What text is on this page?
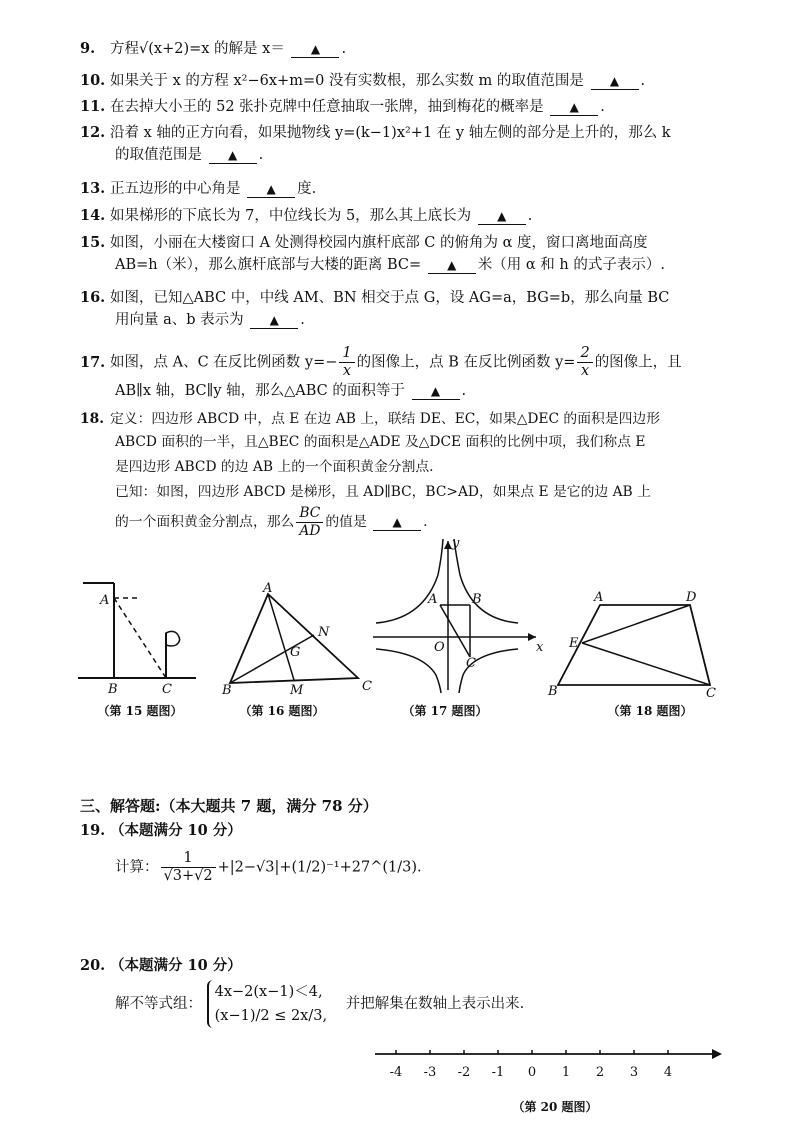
9. 方程√(x+2)=x 的解是 x＝ ▲ .
10. 如果关于 x 的方程 x²−6x+m=0 没有实数根，那么实数 m 的取值范围是 ▲ .
11. 在去掉大小王的 52 张扑克牌中任意抽取一张牌，抽到梅花的概率是 ▲ .
12. 沿着 x 轴的正方向看，如果抛物线 y=(k−1)x²+1 在 y 轴左侧的部分是上升的，那么 k
的取值范围是 ▲ .
13. 正五边形的中心角是 ▲ 度.
14. 如果梯形的下底长为 7，中位线长为 5，那么其上底长为 ▲ .
15. 如图，小丽在大楼窗口 A 处测得校园内旗杆底部 C 的俯角为 α 度，窗口离地面高度
AB=h（米），那么旗杆底部与大楼的距离 BC= ▲ 米（用 α 和 h 的式子表示）.
16. 如图，已知△ABC 中，中线 AM、BN 相交于点 G，设 AG=a，BG=b，那么向量 BC
用向量 a、b 表示为 ▲ .
17. 如图，点 A、C 在反比例函数 $y=- \frac{1}{x}$ 的图像上，点 B 在反比例函数 $y= \frac{2}{x}$ 的图像上，且
AB∥x 轴，BC∥y 轴，那么△ABC 的面积等于 ▲ .
18. 定义：四边形 ABCD 中，点 E 在边 AB 上，联结 DE、EC，如果△DEC 的面积是四边形
ABCD 面积的一半，且△BEC 的面积是△ADE 及△DCE 面积的比例中项，我们称点 E
是四边形 ABCD 的边 AB 上的一个面积黄金分割点.
已知：如图，四边形 ABCD 是梯形，且 AD∥BC，BC>AD，如果点 E 是它的边 AB 上
的一个面积黄金分割点，那么 $\frac{BC}{AD}$ 的值是 ▲ .
A
B	C
（第 15 题图）
A
B	C
N
G
M
（第 16 题图）
A	B
C
O	x
y
（第 17 题图）
A	D
E
B	C
（第 18 题图）
三、解答题:（本大题共 7 题，满分 78 分）
19. （本题满分 10 分）
计算： $\frac{1}{√3+√2}$ +|2−√3|+(1/2)⁻¹+27^(1/3).
20. （本题满分 10 分）
解不等式组：
4x−2(x−1)＜4,
(x−1)/2 ≤ 2x/3,
并把解集在数轴上表示出来.
-4 -3 -2 -1 0 1 2 3 4
（第 20 题图）
